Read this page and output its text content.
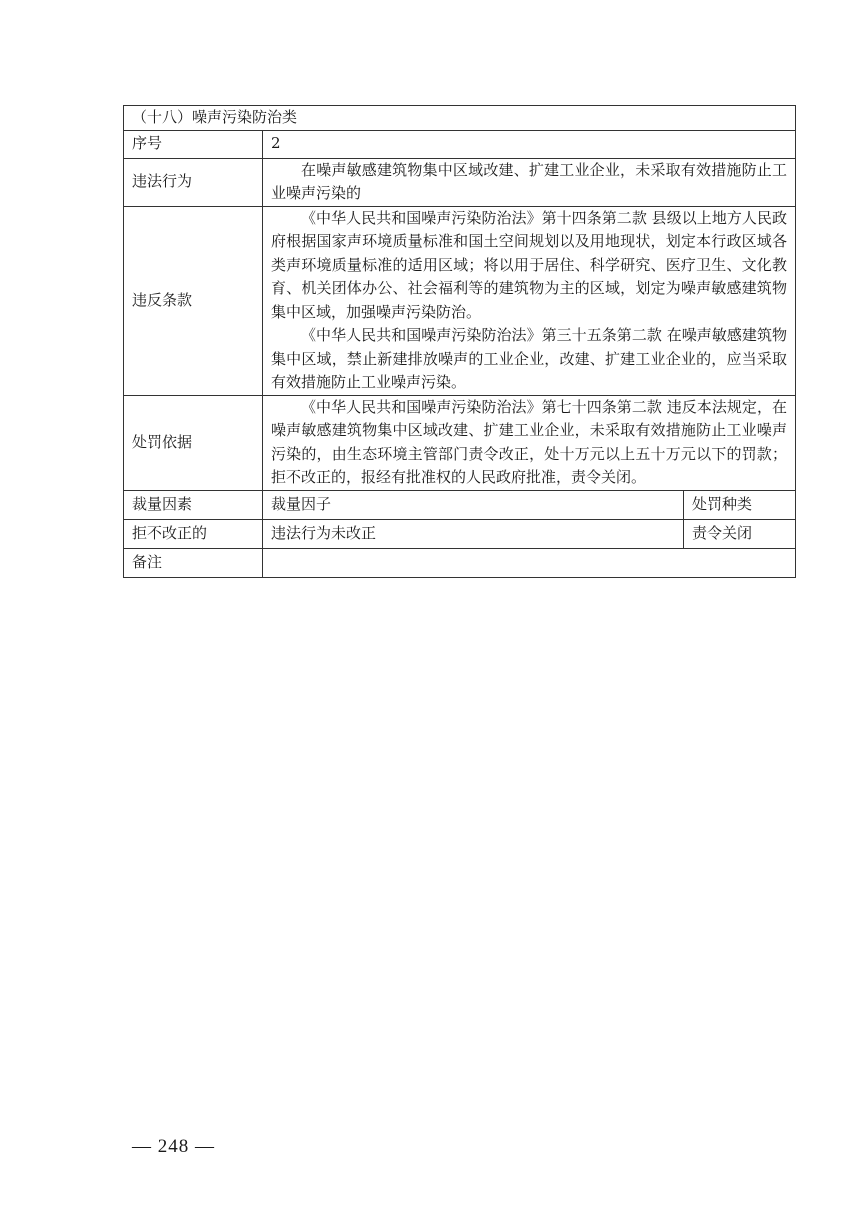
（十八）噪声污染防治类		
序号	2	
违法行为	在噪声敏感建筑物集中区域改建、扩建工业企业，未采取有效措施防止工业噪声污染的	

违反条款	《中华人民共和国噪声污染防治法》第十四条第二款 县级以上地方人民政府根据国家声环境质量标准和国土空间规划以及用地现状，划定本行政区域各类声环境质量标准的适用区域；将以用于居住、科学研究、医疗卫生、文化教育、机关团体办公、社会福利等的建筑物为主的区域，划定为噪声敏感建筑物集中区域，加强噪声污染防治。
《中华人民共和国噪声污染防治法》第三十五条第二款 在噪声敏感建筑物集中区域，禁止新建排放噪声的工业企业，改建、扩建工业企业的，应当采取有效措施防止工业噪声污染。	

处罚依据	《中华人民共和国噪声污染防治法》第七十四条第二款 违反本法规定，在噪声敏感建筑物集中区域改建、扩建工业企业，未采取有效措施防止工业噪声污染的，由生态环境主管部门责令改正，处十万元以上五十万元以下的罚款；拒不改正的，报经有批准权的人民政府批准，责令关闭。	

裁量因素	裁量因子	处罚种类
拒不改正的	违法行为未改正	责令关闭
备注		
— 248 —
